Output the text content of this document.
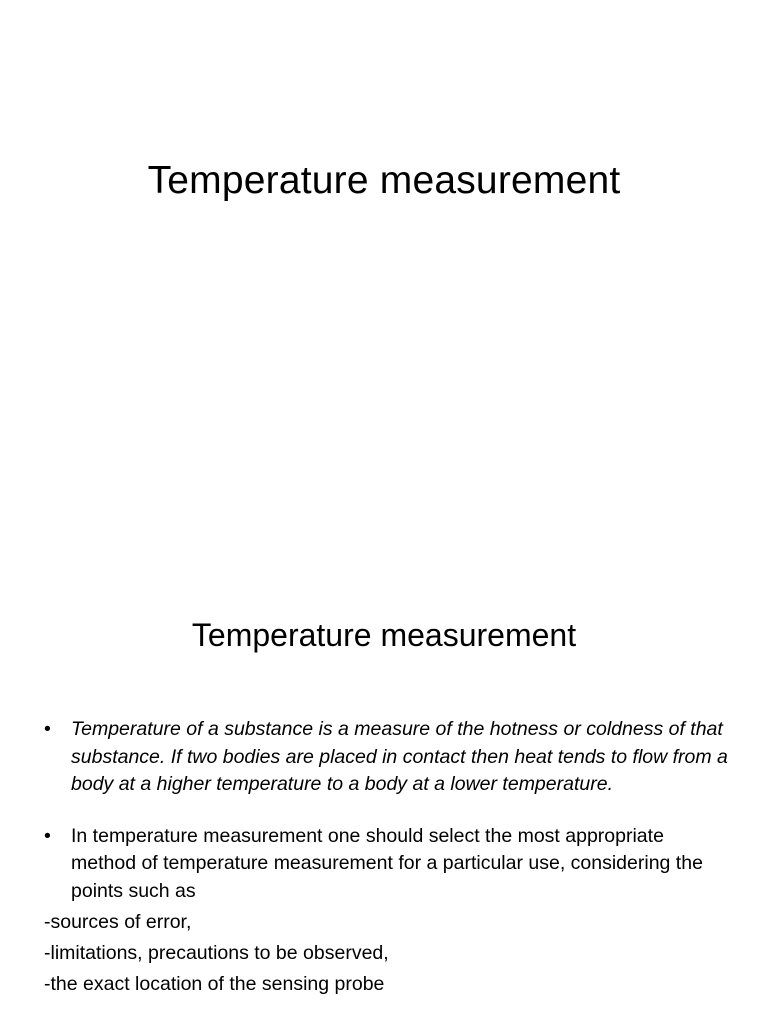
Temperature measurement
Temperature measurement
•	Temperature of a substance is a measure of the hotness or coldness of that substance. If two bodies are placed in contact then heat tends to flow from a body at a higher temperature to a body at a lower temperature.
•	In temperature measurement one should select the most appropriate method of temperature measurement for a particular use, considering the points such as

-sources of error,

-limitations, precautions to be observed,

-the exact location of the sensing probe
